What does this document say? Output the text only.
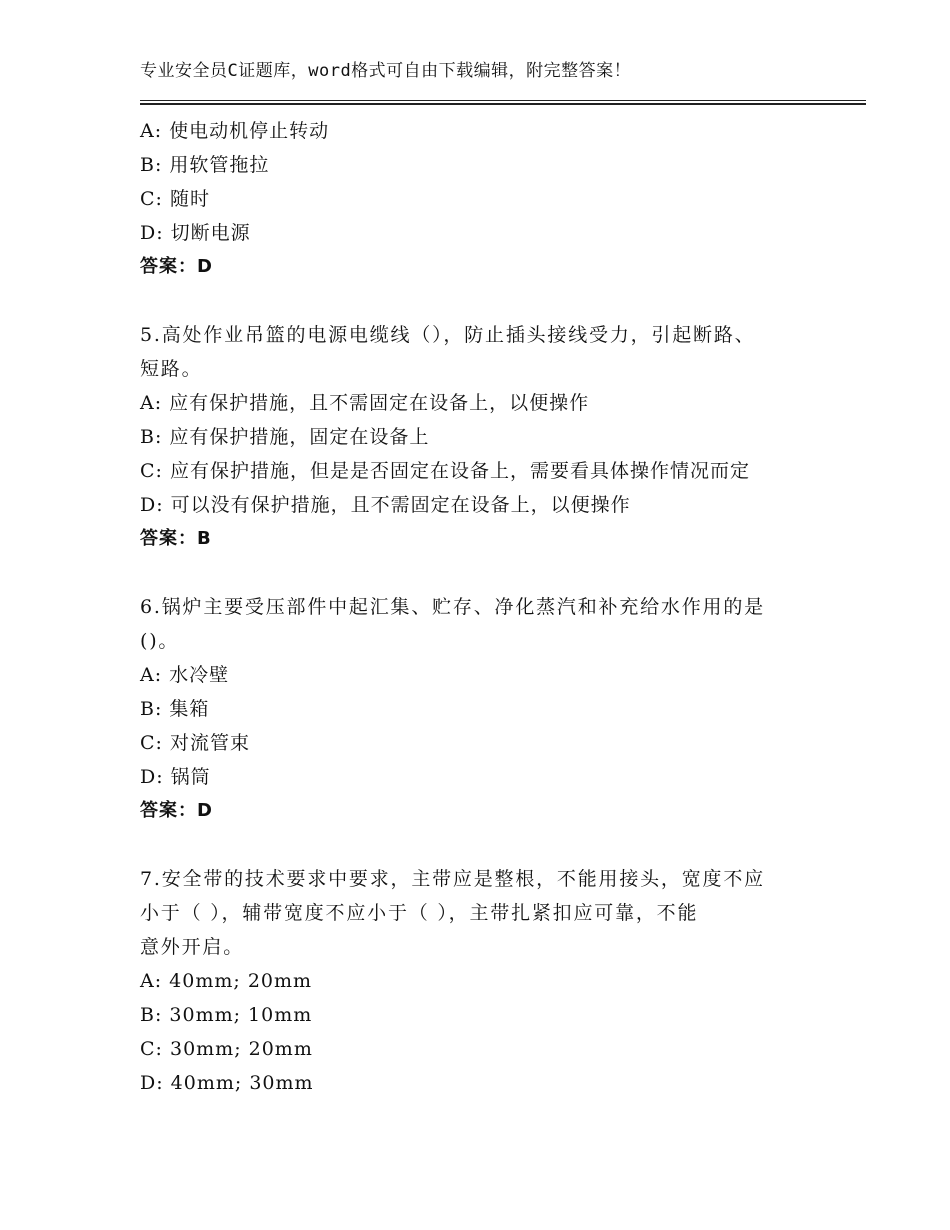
专业安全员C证题库，word格式可自由下载编辑，附完整答案！
A: 使电动机停止转动
B: 用软管拖拉
C: 随时
D: 切断电源
答案：D
5.高处作业吊篮的电源电缆线（），防止插头接线受力，引起断路、
短路。
A: 应有保护措施，且不需固定在设备上，以便操作
B: 应有保护措施，固定在设备上
C: 应有保护措施，但是是否固定在设备上，需要看具体操作情况而定
D: 可以没有保护措施，且不需固定在设备上，以便操作
答案：B
6.锅炉主要受压部件中起汇集、贮存、净化蒸汽和补充给水作用的是
()。
A: 水冷壁
B: 集箱
C: 对流管束
D: 锅筒
答案：D
7.安全带的技术要求中要求，主带应是整根，不能用接头，宽度不应
小于（ ），辅带宽度不应小于（ ），主带扎紧扣应可靠，不能
意外开启。
A: 40mm; 20mm
B: 30mm; 10mm
C: 30mm; 20mm
D: 40mm; 30mm
